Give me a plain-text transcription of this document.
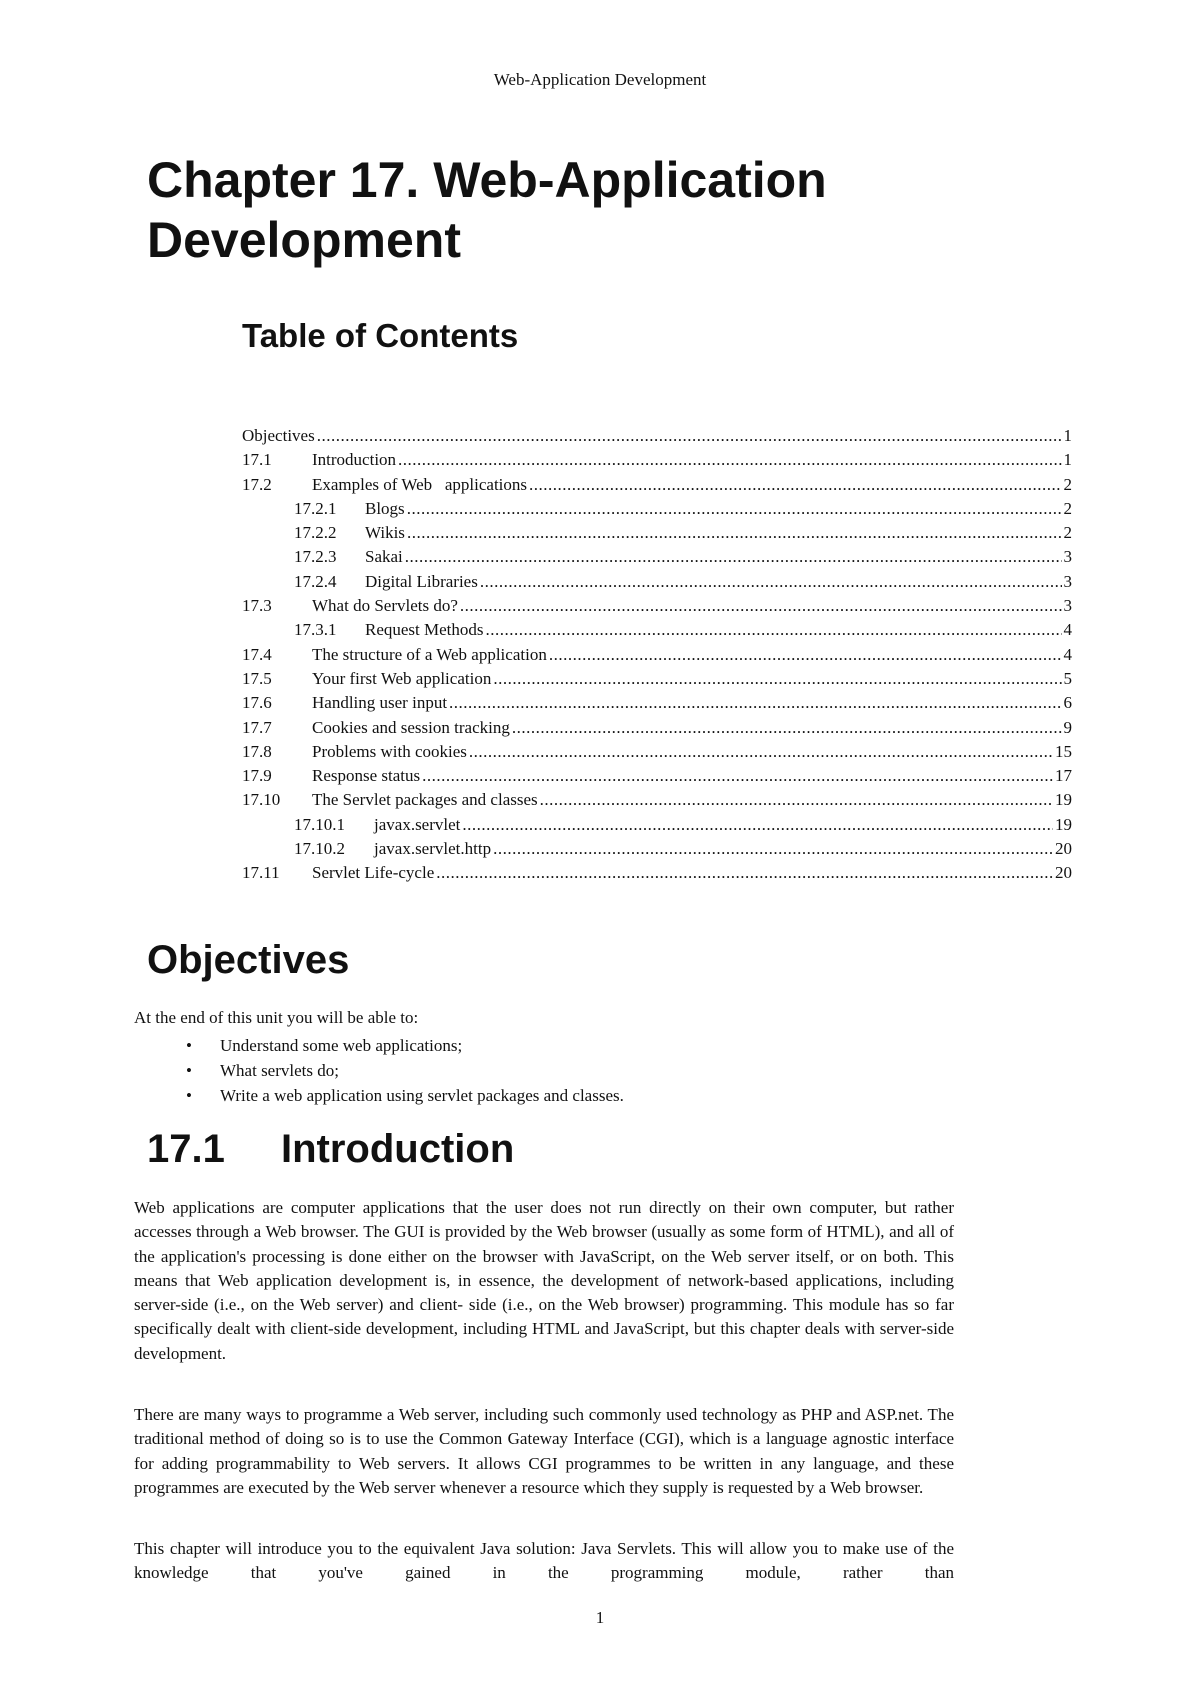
Web-Application Development
Chapter 17. Web-Application Development
Table of Contents
Objectives .....	1
17.1	Introduction .....	1
17.2	Examples of Web   applications .....	2
17.2.1	Blogs .....	2
17.2.2	Wikis .....	2
17.2.3	Sakai .....	3
17.2.4	Digital Libraries .....	3
17.3	What do Servlets do? .....	3
17.3.1	Request Methods .....	4
17.4	The structure of a Web application .....	4
17.5	Your first Web application .....	5
17.6	Handling user input .....	6
17.7	Cookies and session tracking .....	9
17.8	Problems with cookies .....	15
17.9	Response status .....	17
17.10	The Servlet packages and classes .....	19
17.10.1	javax.servlet .....	19
17.10.2	javax.servlet.http .....	20
17.11	Servlet Life-cycle .....	20
Objectives
At the end of this unit you will be able to:
• Understand some web applications;
• What servlets do;
• Write a web application using servlet packages and classes.
17.1 Introduction

Web applications are computer applications that the user does not run directly on their own computer, but rather accesses through a Web browser. The GUI is provided by the Web browser (usually as some form of HTML), and all of the application's processing is done either on the browser with JavaScript, on the Web server itself, or on both. This means that Web application development is, in essence, the development of network-based applications, including server-side (i.e., on the Web server) and client- side (i.e., on the Web browser) programming. This module has so far specifically dealt with client-side development, including HTML and JavaScript, but this chapter deals with server-side development.

There are many ways to programme a Web server, including such commonly used technology as PHP and ASP.net. The traditional method of doing so is to use the Common Gateway Interface (CGI), which is a language agnostic interface for adding programmability to Web servers. It allows CGI programmes to be written in any language, and these programmes are executed by the Web server whenever a resource which they supply is requested by a Web browser.

This chapter will introduce you to the equivalent Java solution: Java Servlets. This will allow you to make use of the knowledge that you've gained in the programming module, rather than

1
